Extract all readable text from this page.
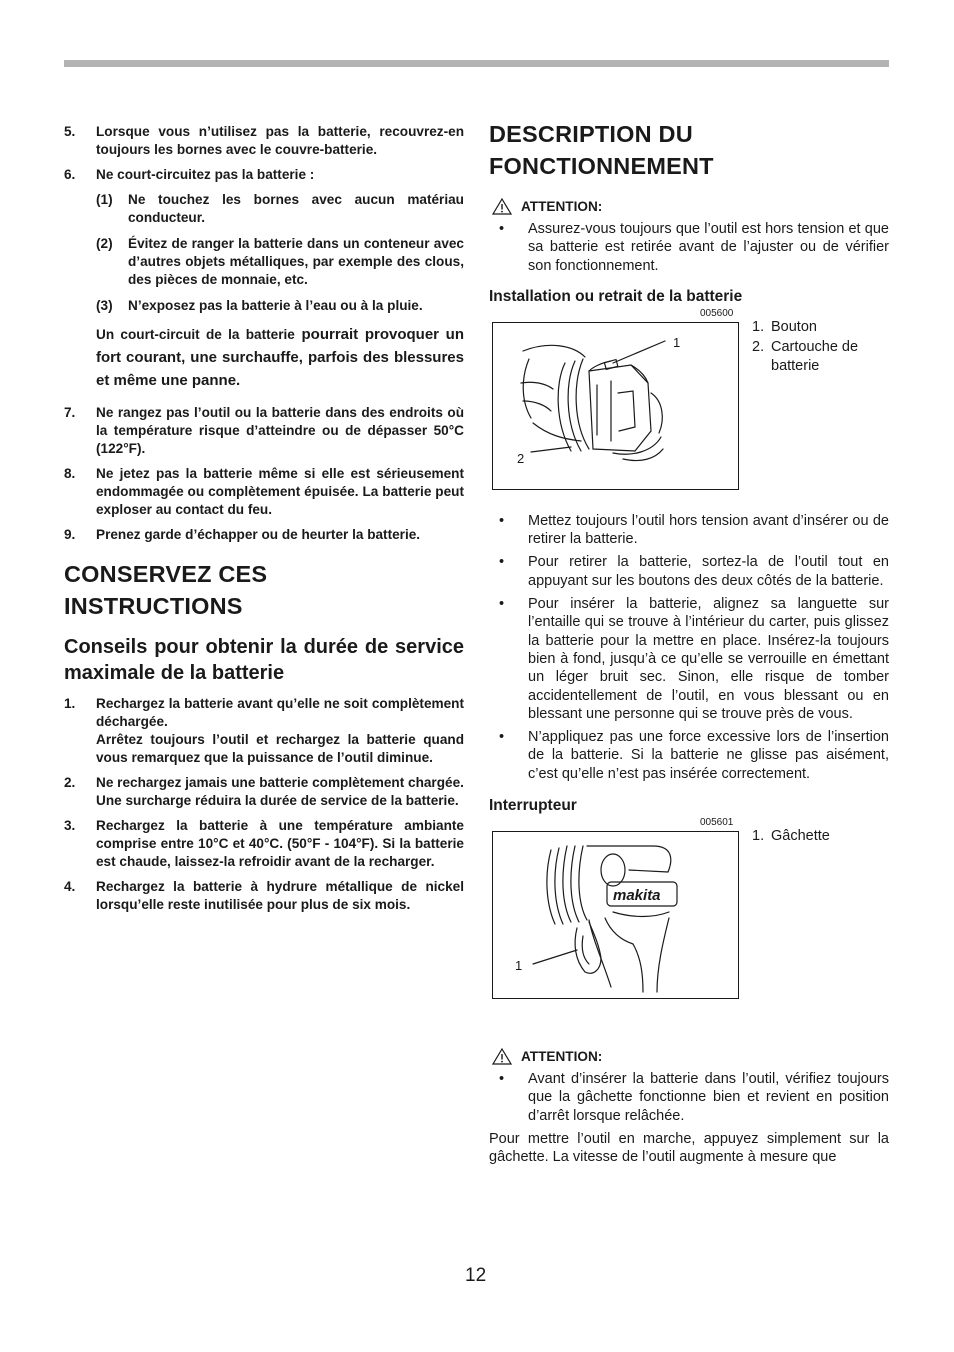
5.	Lorsque vous n’utilisez pas la batterie, recouvrez-en toujours les bornes avec le couvre-batterie.
6.	Ne court-circuitez pas la batterie :
(1)	Ne touchez les bornes avec aucun matériau conducteur.
(2)	Évitez de ranger la batterie dans un conteneur avec d’autres objets métalliques, par exemple des clous, des pièces de monnaie, etc.
(3)	N’exposez pas la batterie à l’eau ou à la pluie.

Un court-circuit de la batterie pourrait provoquer un fort courant, une surchauffe, parfois des blessures et même une panne.

7.	Ne rangez pas l’outil ou la batterie dans des endroits où la température risque d’atteindre ou de dépasser 50°C (122°F).
8.	Ne jetez pas la batterie même si elle est sérieusement endommagée ou complètement épuisée. La batterie peut exploser au contact du feu.
9.	Prenez garde d’échapper ou de heurter la batterie.
CONSERVEZ CES INSTRUCTIONS
Conseils pour obtenir la durée de service maximale de la batterie
1.	Rechargez la batterie avant qu’elle ne soit complètement déchargée.
Arrêtez toujours l’outil et rechargez la batterie quand vous remarquez que la puissance de l’outil diminue.
2.	Ne rechargez jamais une batterie complètement chargée.
Une surcharge réduira la durée de service de la batterie.
3.	Rechargez la batterie à une température ambiante comprise entre 10°C et 40°C. (50°F - 104°F). Si la batterie est chaude, laissez-la refroidir avant de la recharger.
4.	Rechargez la batterie à hydrure métallique de nickel lorsqu’elle reste inutilisée pour plus de six mois.
DESCRIPTION DU FONCTIONNEMENT
ATTENTION:
•	Assurez-vous toujours que l’outil est hors tension et que sa batterie est retirée avant de l’ajuster ou de vérifier son fonctionnement.
Installation ou retrait de la batterie
005600
1
2
1. Bouton
2. Cartouche de batterie
•	Mettez toujours l’outil hors tension avant d’insérer ou de retirer la batterie.
•	Pour retirer la batterie, sortez-la de l’outil tout en appuyant sur les boutons des deux côtés de la batterie.
•	Pour insérer la batterie, alignez sa languette sur l’entaille qui se trouve à l’intérieur du carter, puis glissez la batterie pour la mettre en place. Insérez-la toujours bien à fond, jusqu’à ce qu’elle se verrouille en émettant un léger bruit sec. Sinon, elle risque de tomber accidentellement de l’outil, en vous blessant ou en blessant une personne qui se trouve près de vous.
•	N’appliquez pas une force excessive lors de l’insertion de la batterie. Si la batterie ne glisse pas aisément, c’est qu’elle n’est pas insérée correctement.
Interrupteur
005601
makita
1
1. Gâchette
ATTENTION:
•	Avant d’insérer la batterie dans l’outil, vérifiez toujours que la gâchette fonctionne bien et revient en position d’arrêt lorsque relâchée.

Pour mettre l’outil en marche, appuyez simplement sur la gâchette. La vitesse de l’outil augmente à mesure que

12
